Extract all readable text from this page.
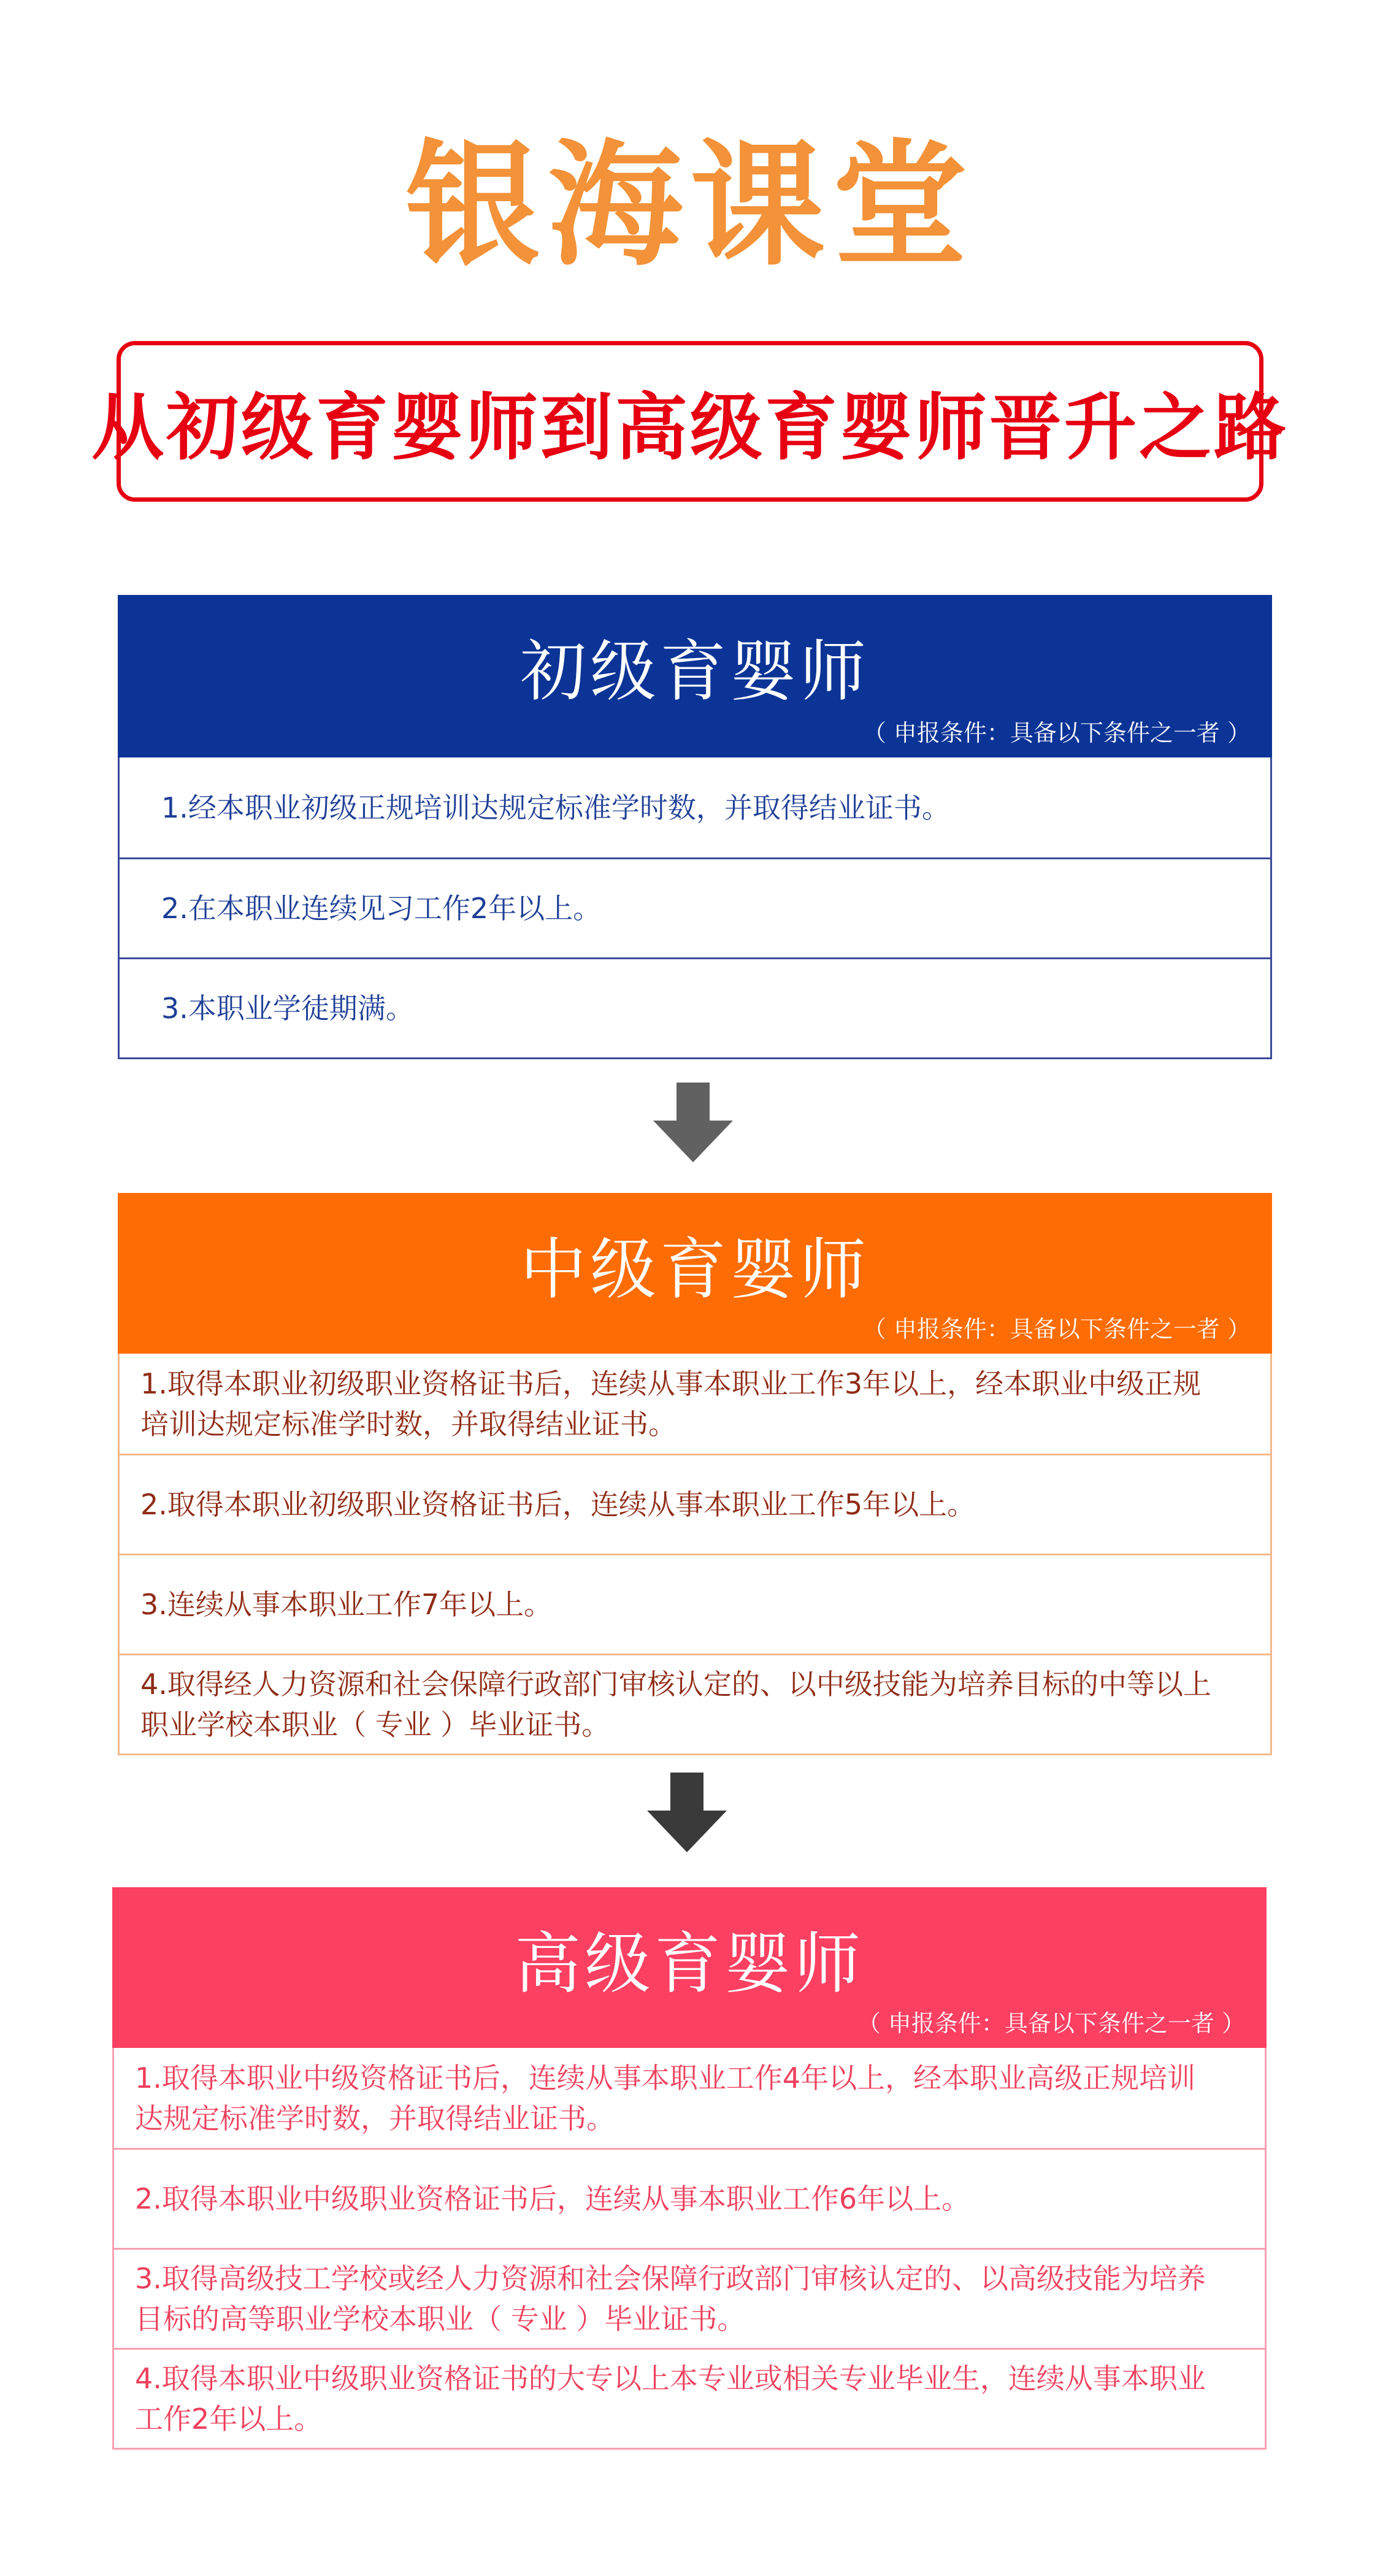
银海课堂
从初级育婴师到高级育婴师晋升之路
初级育婴师
（ 申报条件：具备以下条件之一者 ）
1.经本职业初级正规培训达规定标准学时数，并取得结业证书。
2.在本职业连续见习工作2年以上。
3.本职业学徒期满。
中级育婴师
（ 申报条件：具备以下条件之一者 ）
1.取得本职业初级职业资格证书后，连续从事本职业工作3年以上，经本职业中级正规培训达规定标准学时数，并取得结业证书。
2.取得本职业初级职业资格证书后，连续从事本职业工作5年以上。
3.连续从事本职业工作7年以上。
4.取得经人力资源和社会保障行政部门审核认定的、以中级技能为培养目标的中等以上职业学校本职业（ 专业 ）毕业证书。
高级育婴师
（ 申报条件：具备以下条件之一者 ）
1.取得本职业中级资格证书后，连续从事本职业工作4年以上，经本职业高级正规培训达规定标准学时数，并取得结业证书。
2.取得本职业中级职业资格证书后，连续从事本职业工作6年以上。
3.取得高级技工学校或经人力资源和社会保障行政部门审核认定的、以高级技能为培养目标的高等职业学校本职业（ 专业 ）毕业证书。
4.取得本职业中级职业资格证书的大专以上本专业或相关专业毕业生，连续从事本职业工作2年以上。
